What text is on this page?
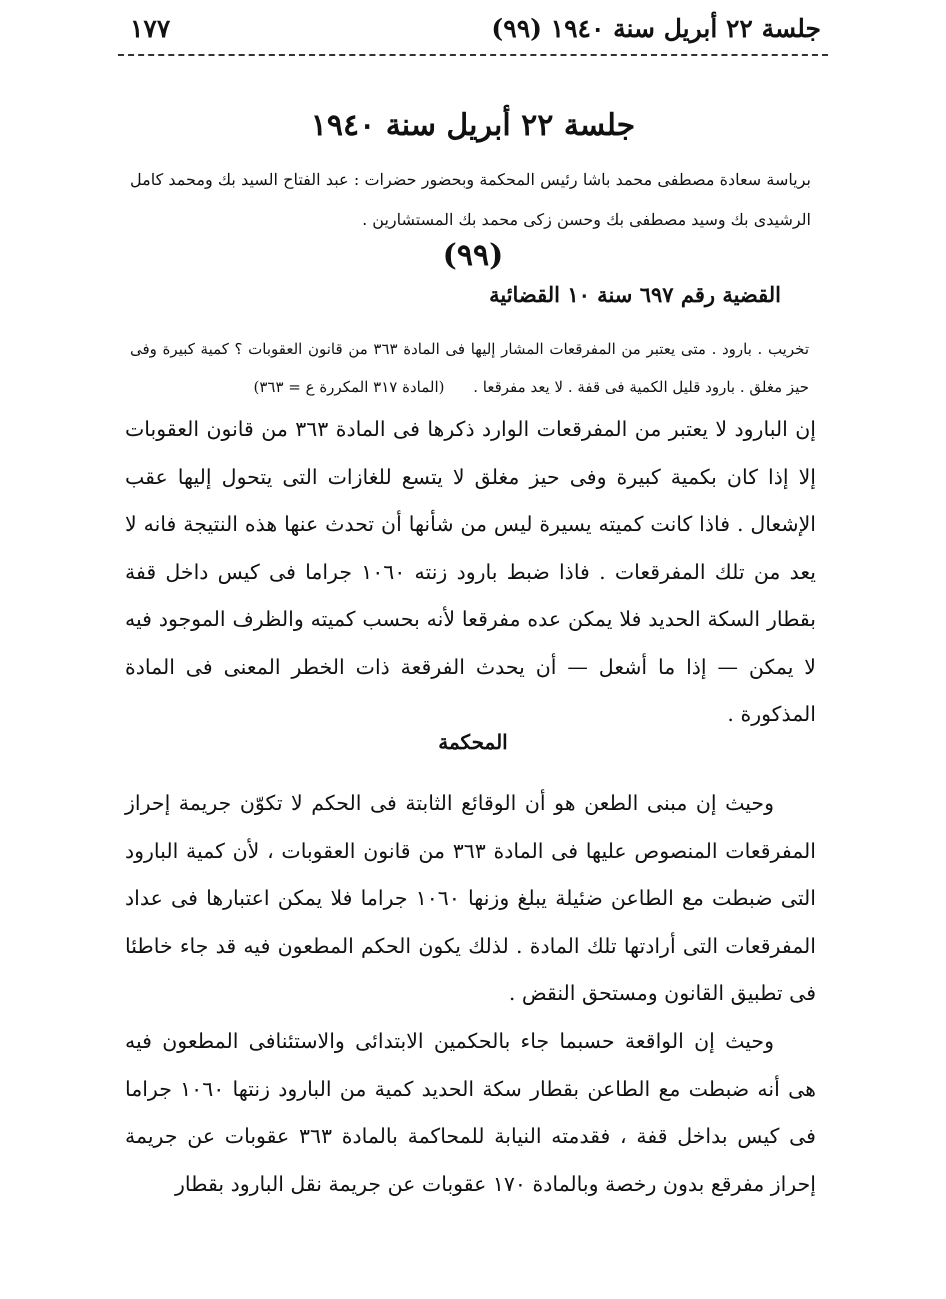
١٧٧	جلسة ٢٢ أبريل سنة ١٩٤٠ (٩٩)
جلسة ٢٢ أبريل سنة ١٩٤٠
برياسة سعادة مصطفى محمد باشا رئيس المحكمة وبحضور حضرات : عبد الفتاح السيد بك ومحمد كامل الرشيدى بك وسيد مصطفى بك وحسن زكى محمد بك المستشارين .
(٩٩)
القضية رقم ٦٩٧ سنة ١٠ القضائية
تخريب . بارود . متى يعتبر من المفرقعات المشار إليها فى المادة ٣٦٣ من قانون العقوبات ؟ كمية كبيرة وفى حيز مغلق . بارود قليل الكمية فى قفة . لا يعد مفرقعا . (المادة ٣١٧ المكررة ع = ٣٦٣)
إن البارود لا يعتبر من المفرقعات الوارد ذكرها فى المادة ٣٦٣ من قانون العقوبات إلا إذا كان بكمية كبيرة وفى حيز مغلق لا يتسع للغازات التى يتحول إليها عقب الإشعال . فاذا كانت كميته يسيرة ليس من شأنها أن تحدث عنها هذه النتيجة فانه لا يعد من تلك المفرقعات . فاذا ضبط بارود زنته ١٠٦٠ جراما فى كيس داخل قفة بقطار السكة الحديد فلا يمكن عده مفرقعا لأنه بحسب كميته والظرف الموجود فيه لا يمكن — إذا ما أشعل — أن يحدث الفرقعة ذات الخطر المعنى فى المادة المذكورة .
المحكمة
وحيث إن مبنى الطعن هو أن الوقائع الثابتة فى الحكم لا تكوّن جريمة إحراز المفرقعات المنصوص عليها فى المادة ٣٦٣ من قانون العقوبات ، لأن كمية البارود التى ضبطت مع الطاعن ضئيلة يبلغ وزنها ١٠٦٠ جراما فلا يمكن اعتبارها فى عداد المفرقعات التى أرادتها تلك المادة . لذلك يكون الحكم المطعون فيه قد جاء خاطئا فى تطبيق القانون ومستحق النقض .
وحيث إن الواقعة حسبما جاء بالحكمين الابتدائى والاستئنافى المطعون فيه هى أنه ضبطت مع الطاعن بقطار سكة الحديد كمية من البارود زنتها ١٠٦٠ جراما فى كيس بداخل قفة ، فقدمته النيابة للمحاكمة بالمادة ٣٦٣ عقوبات عن جريمة إحراز مفرقع بدون رخصة وبالمادة ١٧٠ عقوبات عن جريمة نقل البارود بقطار
